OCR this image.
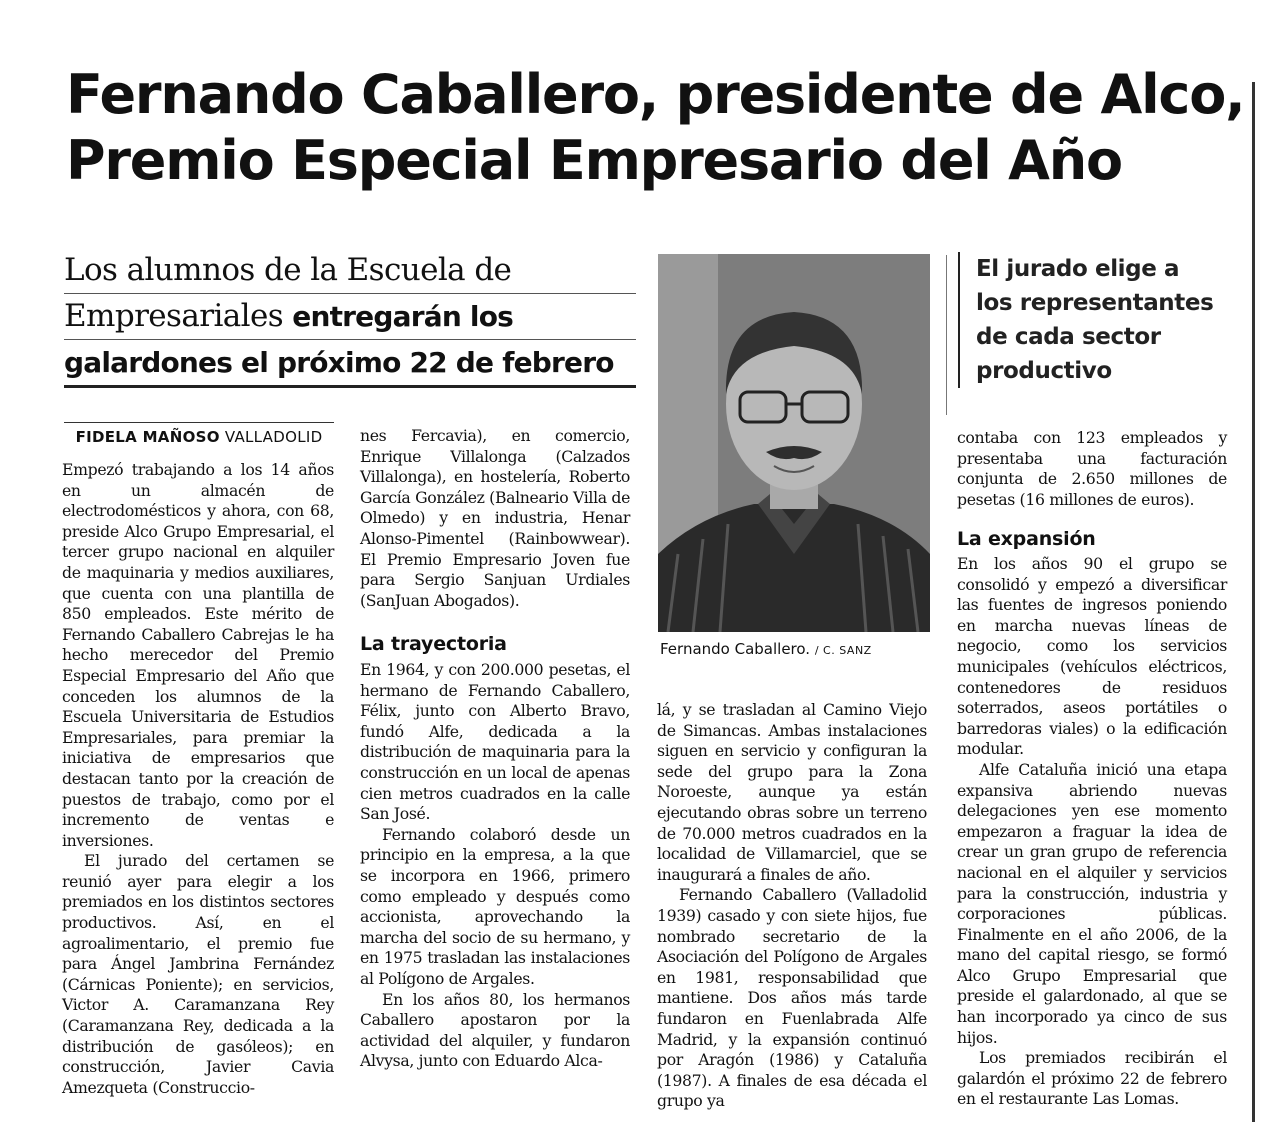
Fernando Caballero, presidente de Alco,
Premio Especial Empresario del Año
Los alumnos de la Escuela de
Empresariales entregarán los
galardones el próximo 22 de febrero
FIDELA MAÑOSO VALLADOLID

Empezó trabajando a los 14 años en un almacén de electrodomésticos y ahora, con 68, preside Alco Grupo Empresarial, el tercer grupo nacional en alquiler de maquinaria y medios auxiliares, que cuenta con una plantilla de 850 empleados. Este mérito de Fernando Caballero Cabrejas le ha hecho merecedor del Premio Especial Empresario del Año que conceden los alumnos de la Escuela Universitaria de Estudios Empresariales, para premiar la iniciativa de empresarios que destacan tanto por la creación de puestos de trabajo, como por el incremento de ventas e inversiones.

El jurado del certamen se reunió ayer para elegir a los premiados en los distintos sectores productivos. Así, en el agroalimentario, el premio fue para Ángel Jambrina Fernández (Cárnicas Poniente); en servicios, Victor A. Caramanzana Rey (Caramanzana Rey, dedicada a la distribución de gasóleos); en construcción, Javier Cavia Amezqueta (Construccio-

nes Fercavia), en comercio, Enrique Villalonga (Calzados Villalonga), en hostelería, Roberto García González (Balneario Villa de Olmedo) y en industria, Henar Alonso-Pimentel (Rainbowwear). El Premio Empresario Joven fue para Sergio Sanjuan Urdiales (SanJuan Abogados).

La trayectoria

En 1964, y con 200.000 pesetas, el hermano de Fernando Caballero, Félix, junto con Alberto Bravo, fundó Alfe, dedicada a la distribución de maquinaria para la construcción en un local de apenas cien metros cuadrados en la calle San José.

Fernando colaboró desde un principio en la empresa, a la que se incorpora en 1966, primero como empleado y después como accionista, aprovechando la marcha del socio de su hermano, y en 1975 trasladan las instalaciones al Polígono de Argales.

En los años 80, los hermanos Caballero apostaron por la actividad del alquiler, y fundaron Alvysa, junto con Eduardo Alca-

Fernando Caballero. / C. SANZ

El jurado elige a

los representantes

de cada sector

productivo

lá, y se trasladan al Camino Viejo de Simancas. Ambas instalaciones siguen en servicio y configuran la sede del grupo para la Zona Noroeste, aunque ya están ejecutando obras sobre un terreno de 70.000 metros cuadrados en la localidad de Villamarciel, que se inaugurará a finales de año.

Fernando Caballero (Valladolid 1939) casado y con siete hijos, fue nombrado secretario de la Asociación del Polígono de Argales en 1981, responsabilidad que mantiene. Dos años más tarde fundaron en Fuenlabrada Alfe Madrid, y la expansión continuó por Aragón (1986) y Cataluña (1987). A finales de esa década el grupo ya

contaba con 123 empleados y presentaba una facturación conjunta de 2.650 millones de pesetas (16 millones de euros).

La expansión

En los años 90 el grupo se consolidó y empezó a diversificar las fuentes de ingresos poniendo en marcha nuevas líneas de negocio, como los servicios municipales (vehículos eléctricos, contenedores de residuos soterrados, aseos portátiles o barredoras viales) o la edificación modular.

Alfe Cataluña inició una etapa expansiva abriendo nuevas delegaciones yen ese momento empezaron a fraguar la idea de crear un gran grupo de referencia nacional en el alquiler y servicios para la construcción, industria y corporaciones públicas. Finalmente en el año 2006, de la mano del capital riesgo, se formó Alco Grupo Empresarial que preside el galardonado, al que se han incorporado ya cinco de sus hijos.

Los premiados recibirán el galardón el próximo 22 de febrero en el restaurante Las Lomas.
